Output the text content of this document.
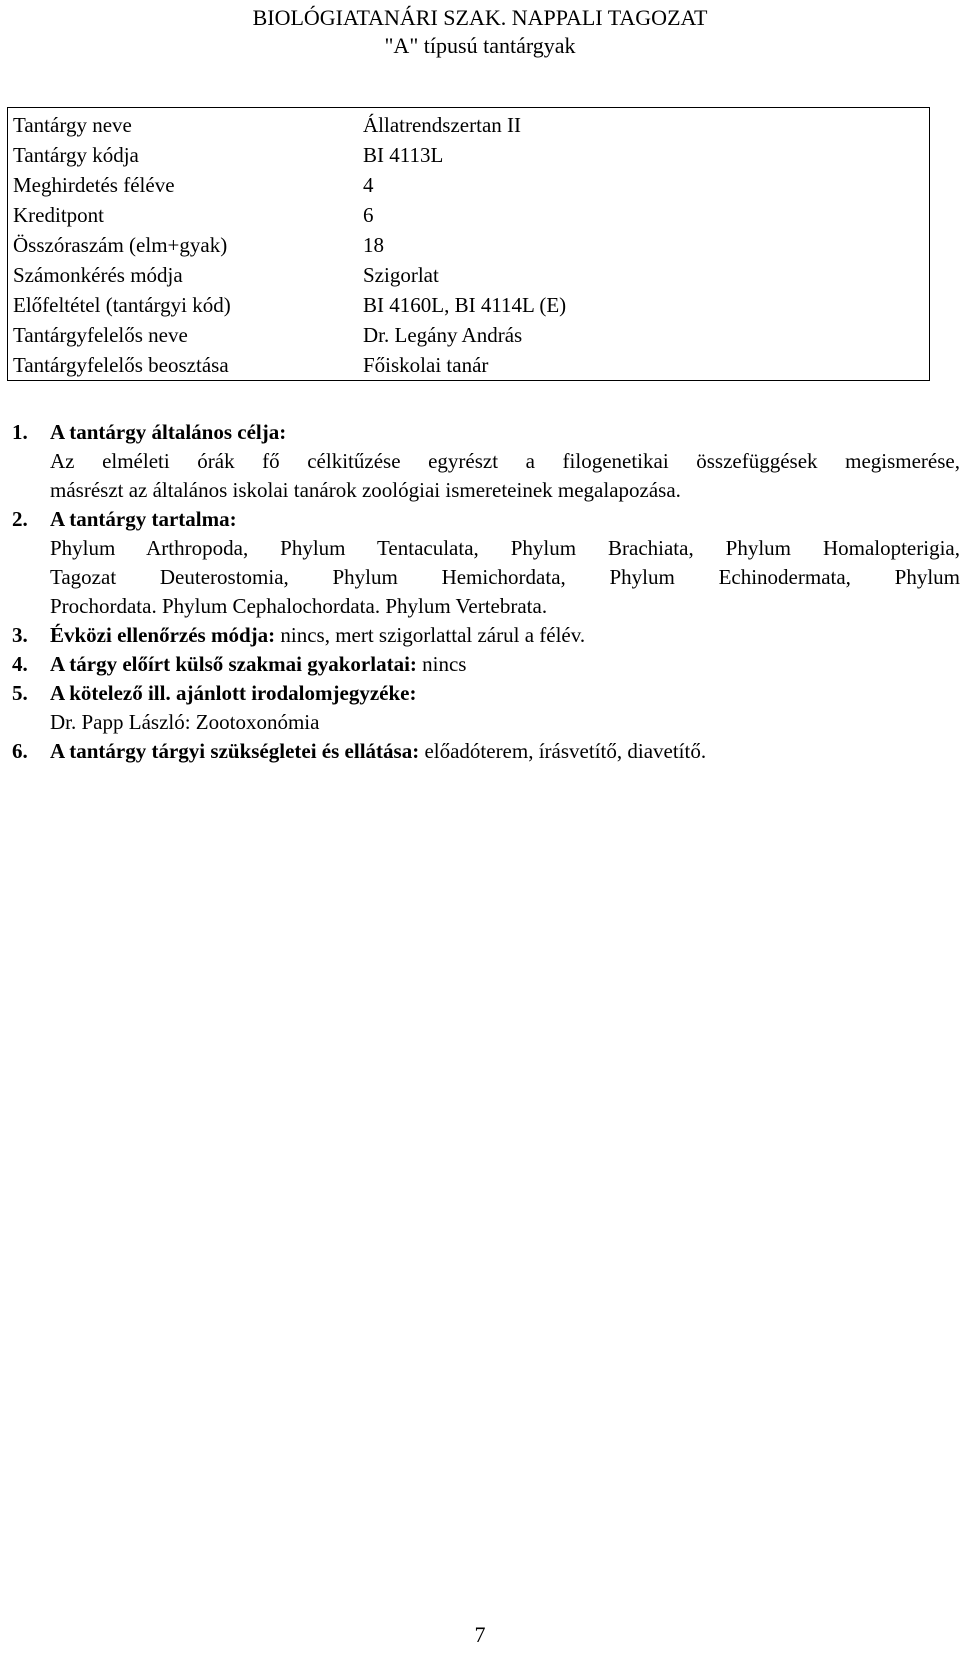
BIOLÓGIATANÁRI SZAK. NAPPALI TAGOZAT
"A" típusú tantárgyak
Tantárgy neve	Állatrendszertan II
Tantárgy kódja	BI 4113L
Meghirdetés féléve	4
Kreditpont	6
Összóraszám (elm+gyak)	18
Számonkérés módja	Szigorlat
Előfeltétel (tantárgyi kód)	BI 4160L, BI 4114L (E)
Tantárgyfelelős neve	Dr. Legány András
Tantárgyfelelős beosztása	Főiskolai tanár
1. A tantárgy általános célja:
Az elméleti órák fő célkitűzése egyrészt a filogenetikai összefüggések megismerése,
másrészt az általános iskolai tanárok zoológiai ismereteinek megalapozása.
2. A tantárgy tartalma:
Phylum Arthropoda, Phylum Tentaculata, Phylum Brachiata, Phylum Homalopterigia,
Tagozat Deuterostomia, Phylum Hemichordata, Phylum Echinodermata, Phylum
Prochordata. Phylum Cephalochordata. Phylum Vertebrata.
3. Évközi ellenőrzés módja: nincs, mert szigorlattal zárul a félév.
4. A tárgy előírt külső szakmai gyakorlatai: nincs
5. A kötelező ill. ajánlott irodalomjegyzéke:
Dr. Papp László: Zootoxonómia
6. A tantárgy tárgyi szükségletei és ellátása: előadóterem, írásvetítő, diavetítő.
7
